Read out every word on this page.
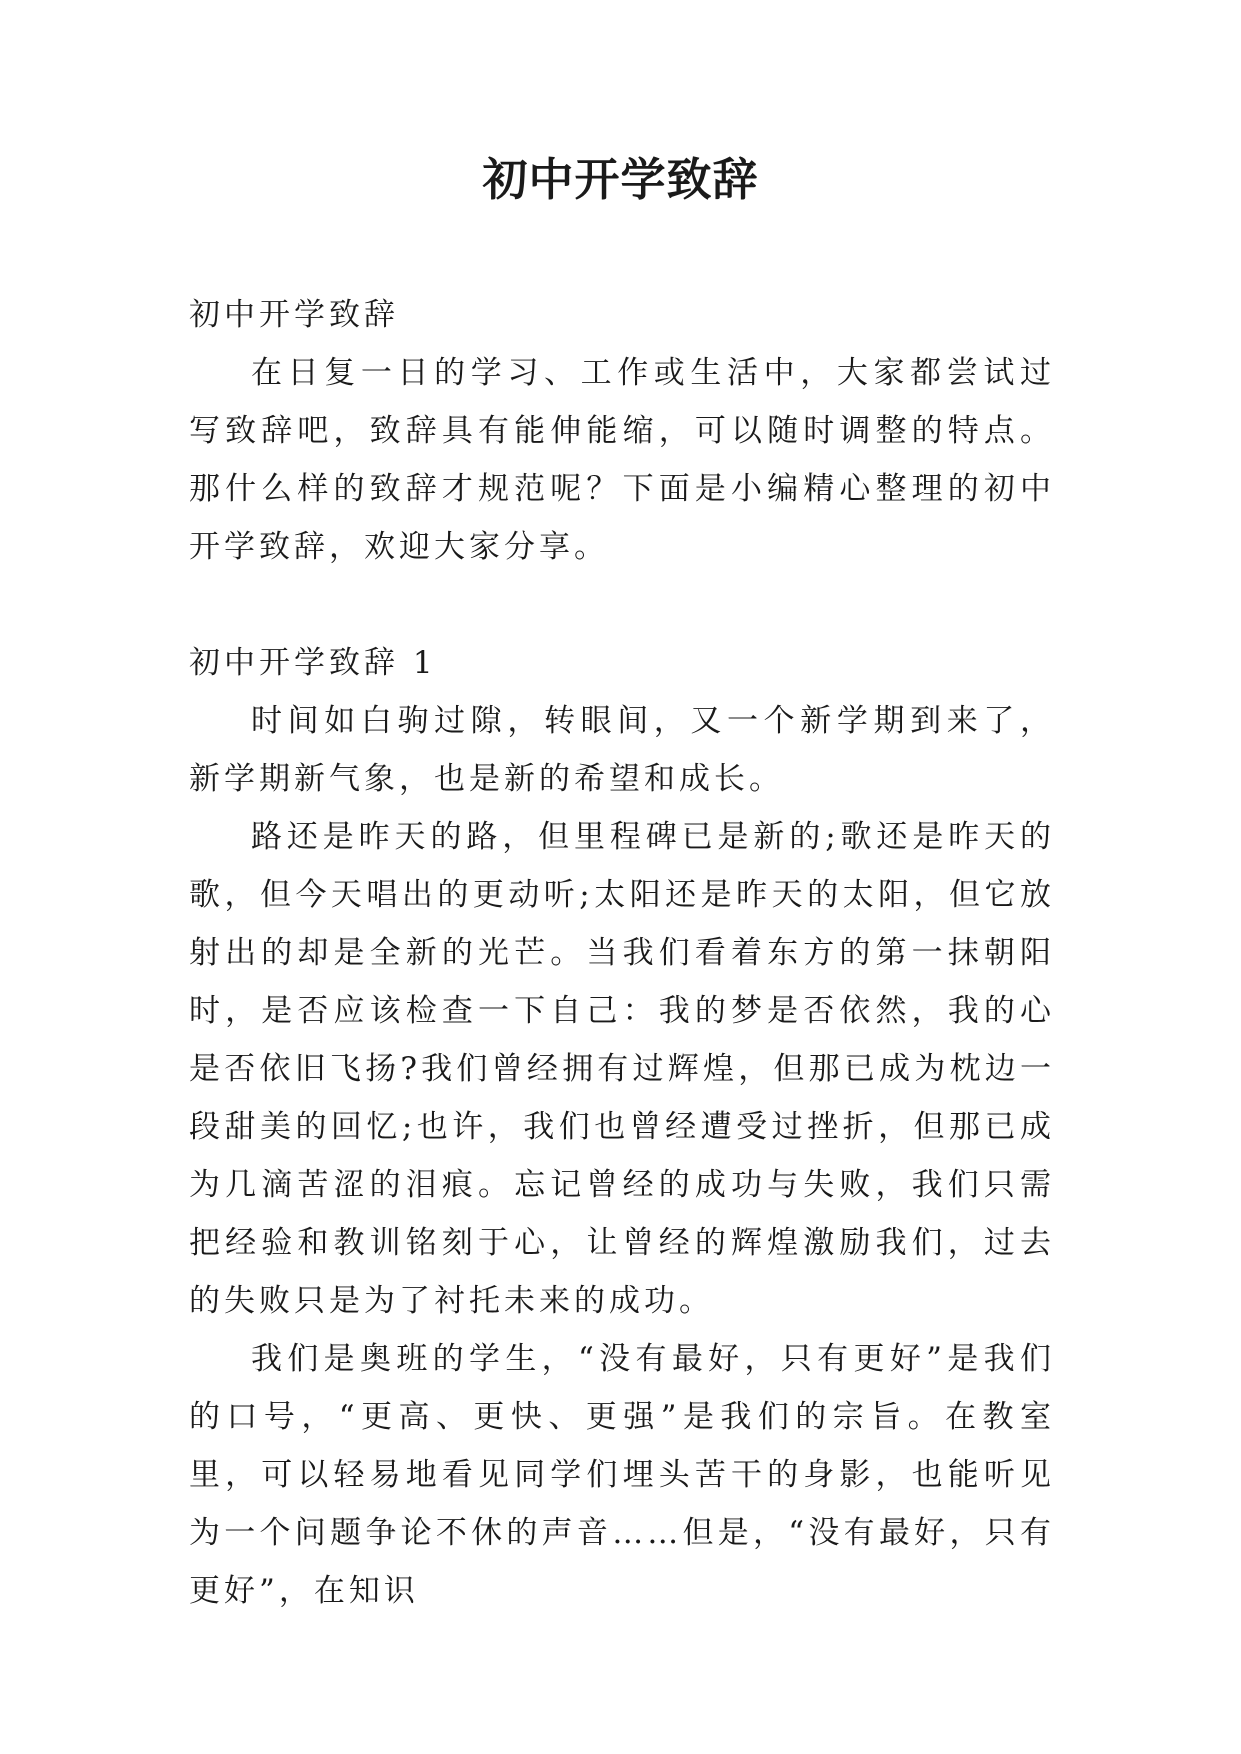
初中开学致辞

初中开学致辞

在日复一日的学习、工作或生活中，大家都尝试过写致辞吧，致辞具有能伸能缩，可以随时调整的特点。那什么样的致辞才规范呢？下面是小编精心整理的初中开学致辞，欢迎大家分享。

初中开学致辞 1

时间如白驹过隙，转眼间，又一个新学期到来了，新学期新气象，也是新的希望和成长。

路还是昨天的路，但里程碑已是新的;歌还是昨天的歌，但今天唱出的更动听;太阳还是昨天的太阳，但它放射出的却是全新的光芒。当我们看着东方的第一抹朝阳时，是否应该检查一下自己：我的梦是否依然，我的心是否依旧飞扬?我们曾经拥有过辉煌，但那已成为枕边一段甜美的回忆;也许，我们也曾经遭受过挫折，但那已成为几滴苦涩的泪痕。忘记曾经的成功与失败，我们只需把经验和教训铭刻于心，让曾经的辉煌激励我们，过去的失败只是为了衬托未来的成功。

我们是奥班的学生，“没有最好，只有更好”是我们的口号，“更高、更快、更强”是我们的宗旨。在教室里，可以轻易地看见同学们埋头苦干的身影，也能听见为一个问题争论不休的声音……但是，“没有最好，只有更好”，在知识
